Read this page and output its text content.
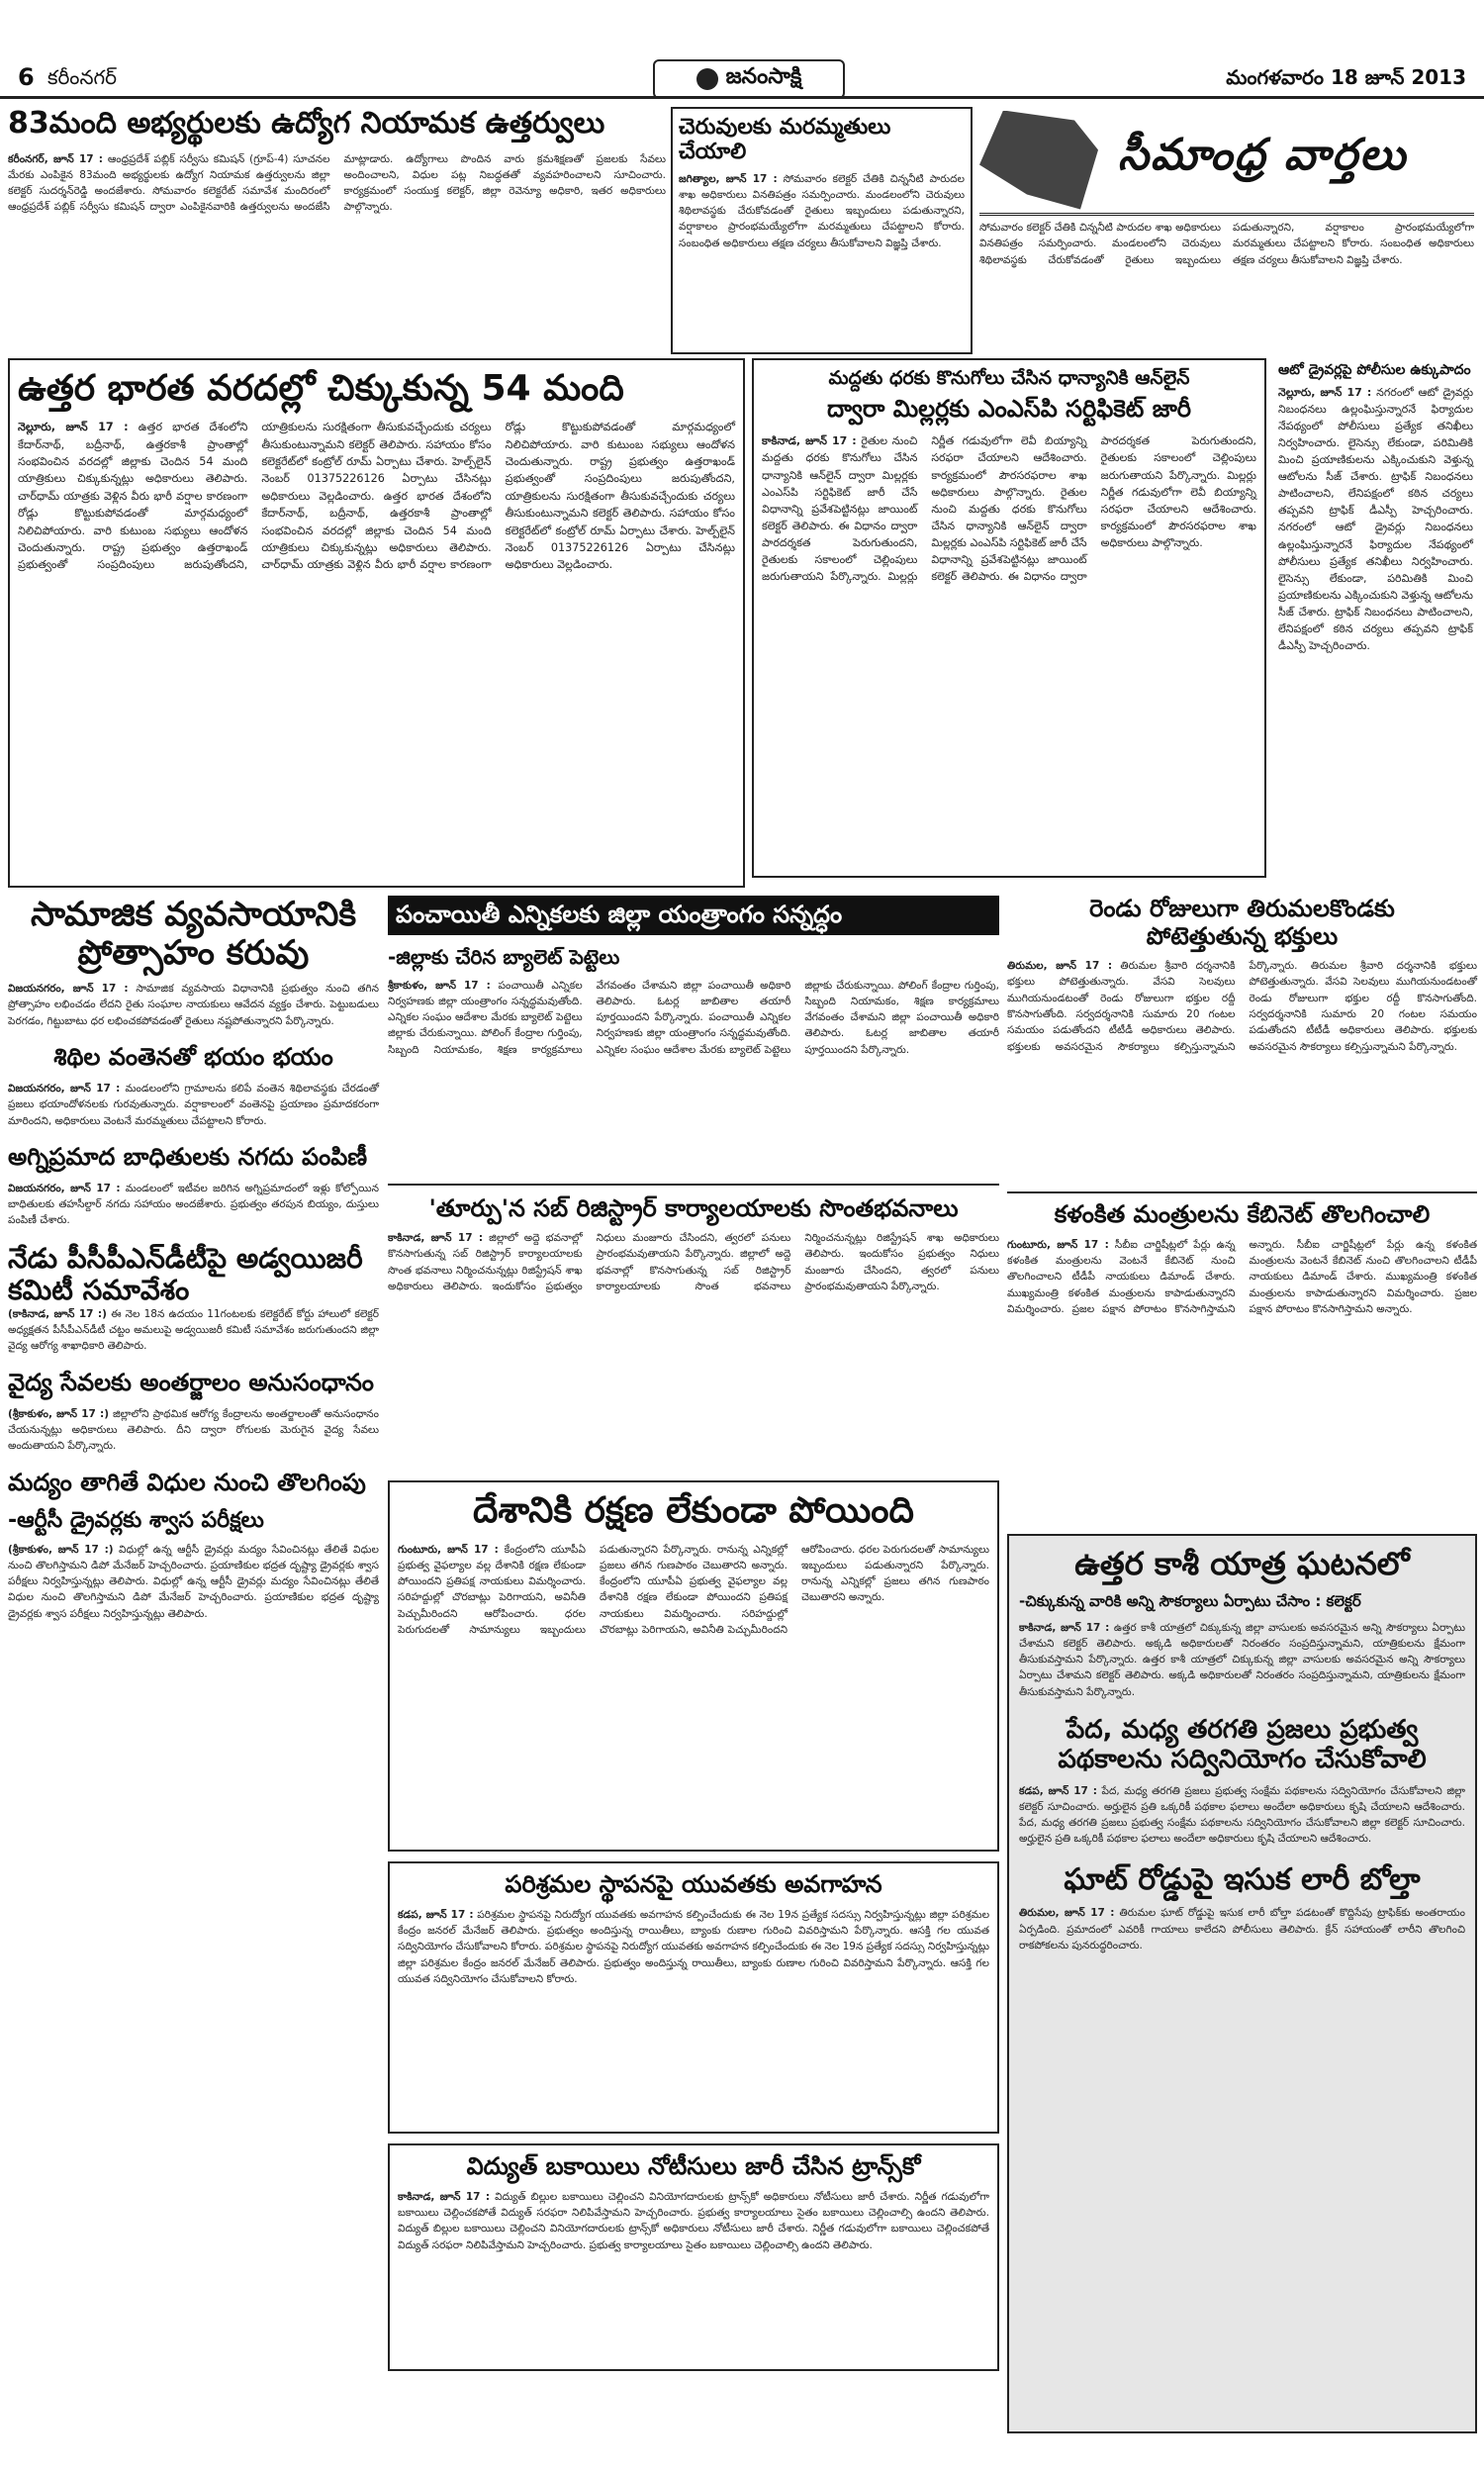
6 కరీంనగర్	జనంసాక్షి	మంగళవారం 18 జూన్ 2013
83మంది అభ్యర్థులకు ఉద్యోగ నియామక ఉత్తర్వులు
కరీంనగర్, జూన్ 17 : ఆంధ్రప్రదేశ్ పబ్లిక్ సర్వీసు కమిషన్ (గ్రూప్-4) సూచనల మేరకు ఎంపికైన 83మంది అభ్యర్థులకు ఉద్యోగ నియామక ఉత్తర్వులను జిల్లా కలెక్టర్ సుదర్శన్‌రెడ్డి అందజేశారు. సోమవారం కలెక్టరేట్ సమావేశ మందిరంలో ఆంధ్రప్రదేశ్ పబ్లిక్ సర్వీసు కమిషన్ ద్వారా ఎంపికైనవారికి ఉత్తర్వులను అందజేసి మాట్లాడారు. ఉద్యోగాలు పొందిన వారు క్రమశిక్షణతో ప్రజలకు సేవలు అందించాలని, విధుల పట్ల నిబద్ధతతో వ్యవహరించాలని సూచించారు. కార్యక్రమంలో సంయుక్త కలెక్టర్, జిల్లా రెవెన్యూ అధికారి, ఇతర అధికారులు పాల్గొన్నారు.
చెరువులకు మరమ్మతులు చేయాలి
జగిత్యాల, జూన్ 17 : సోమవారం కలెక్టర్ చేతికి చిన్ననీటి పారుదల శాఖ అధికారులు వినతిపత్రం సమర్పించారు. మండలంలోని చెరువులు శిథిలావస్థకు చేరుకోవడంతో రైతులు ఇబ్బందులు పడుతున్నారని, వర్షాకాలం ప్రారంభమయ్యేలోగా మరమ్మతులు చేపట్టాలని కోరారు. సంబంధిత అధికారులు తక్షణ చర్యలు తీసుకోవాలని విజ్ఞప్తి చేశారు.
సీమాంధ్ర వార్తలు
సోమవారం కలెక్టర్ చేతికి చిన్ననీటి పారుదల శాఖ అధికారులు వినతిపత్రం సమర్పించారు. మండలంలోని చెరువులు శిథిలావస్థకు చేరుకోవడంతో రైతులు ఇబ్బందులు పడుతున్నారని, వర్షాకాలం ప్రారంభమయ్యేలోగా మరమ్మతులు చేపట్టాలని కోరారు. సంబంధిత అధికారులు తక్షణ చర్యలు తీసుకోవాలని విజ్ఞప్తి చేశారు.
ఉత్తర భారత వరదల్లో చిక్కుకున్న 54 మంది
నెల్లూరు, జూన్ 17 : ఉత్తర భారత దేశంలోని కేదార్‌నాథ్, బద్రీనాథ్, ఉత్తరకాశీ ప్రాంతాల్లో సంభవించిన వరదల్లో జిల్లాకు చెందిన 54 మంది యాత్రికులు చిక్కుకున్నట్లు అధికారులు తెలిపారు. చార్‌ధామ్ యాత్రకు వెళ్లిన వీరు భారీ వర్షాల కారణంగా రోడ్లు కొట్టుకుపోవడంతో మార్గమధ్యంలో నిలిచిపోయారు. వారి కుటుంబ సభ్యులు ఆందోళన చెందుతున్నారు. రాష్ట్ర ప్రభుత్వం ఉత్తరాఖండ్ ప్రభుత్వంతో సంప్రదింపులు జరుపుతోందని, యాత్రికులను సురక్షితంగా తీసుకువచ్చేందుకు చర్యలు తీసుకుంటున్నామని కలెక్టర్ తెలిపారు. సహాయం కోసం కలెక్టరేట్‌లో కంట్రోల్ రూమ్ ఏర్పాటు చేశారు. హెల్ప్‌లైన్ నెంబర్ 01375226126 ఏర్పాటు చేసినట్లు అధికారులు వెల్లడించారు. ఉత్తర భారత దేశంలోని కేదార్‌నాథ్, బద్రీనాథ్, ఉత్తరకాశీ ప్రాంతాల్లో సంభవించిన వరదల్లో జిల్లాకు చెందిన 54 మంది యాత్రికులు చిక్కుకున్నట్లు అధికారులు తెలిపారు. చార్‌ధామ్ యాత్రకు వెళ్లిన వీరు భారీ వర్షాల కారణంగా రోడ్లు కొట్టుకుపోవడంతో మార్గమధ్యంలో నిలిచిపోయారు. వారి కుటుంబ సభ్యులు ఆందోళన చెందుతున్నారు. రాష్ట్ర ప్రభుత్వం ఉత్తరాఖండ్ ప్రభుత్వంతో సంప్రదింపులు జరుపుతోందని, యాత్రికులను సురక్షితంగా తీసుకువచ్చేందుకు చర్యలు తీసుకుంటున్నామని కలెక్టర్ తెలిపారు. సహాయం కోసం కలెక్టరేట్‌లో కంట్రోల్ రూమ్ ఏర్పాటు చేశారు. హెల్ప్‌లైన్ నెంబర్ 01375226126 ఏర్పాటు చేసినట్లు అధికారులు వెల్లడించారు.
మద్దతు ధరకు కొనుగోలు చేసిన ధాన్యానికి ఆన్‌లైన్
ద్వారా మిల్లర్లకు ఎంఎస్‌పి సర్టిఫికెట్ జారీ
కాకినాడ, జూన్ 17 : రైతుల నుంచి మద్దతు ధరకు కొనుగోలు చేసిన ధాన్యానికి ఆన్‌లైన్ ద్వారా మిల్లర్లకు ఎంఎస్‌పి సర్టిఫికెట్ జారీ చేసే విధానాన్ని ప్రవేశపెట్టినట్లు జాయింట్ కలెక్టర్ తెలిపారు. ఈ విధానం ద్వారా పారదర్శకత పెరుగుతుందని, రైతులకు సకాలంలో చెల్లింపులు జరుగుతాయని పేర్కొన్నారు. మిల్లర్లు నిర్ణీత గడువులోగా లెవీ బియ్యాన్ని సరఫరా చేయాలని ఆదేశించారు. కార్యక్రమంలో పౌరసరఫరాల శాఖ అధికారులు పాల్గొన్నారు. రైతుల నుంచి మద్దతు ధరకు కొనుగోలు చేసిన ధాన్యానికి ఆన్‌లైన్ ద్వారా మిల్లర్లకు ఎంఎస్‌పి సర్టిఫికెట్ జారీ చేసే విధానాన్ని ప్రవేశపెట్టినట్లు జాయింట్ కలెక్టర్ తెలిపారు. ఈ విధానం ద్వారా పారదర్శకత పెరుగుతుందని, రైతులకు సకాలంలో చెల్లింపులు జరుగుతాయని పేర్కొన్నారు. మిల్లర్లు నిర్ణీత గడువులోగా లెవీ బియ్యాన్ని సరఫరా చేయాలని ఆదేశించారు. కార్యక్రమంలో పౌరసరఫరాల శాఖ అధికారులు పాల్గొన్నారు.
ఆటో డ్రైవర్లపై పోలీసుల ఉక్కుపాదం
నెల్లూరు, జూన్ 17 : నగరంలో ఆటో డ్రైవర్లు నిబంధనలు ఉల్లంఘిస్తున్నారనే ఫిర్యాదుల నేపథ్యంలో పోలీసులు ప్రత్యేక తనిఖీలు నిర్వహించారు. లైసెన్సు లేకుండా, పరిమితికి మించి ప్రయాణికులను ఎక్కించుకుని వెళ్తున్న ఆటోలను సీజ్ చేశారు. ట్రాఫిక్ నిబంధనలు పాటించాలని, లేనిపక్షంలో కఠిన చర్యలు తప్పవని ట్రాఫిక్ డీఎస్పీ హెచ్చరించారు. నగరంలో ఆటో డ్రైవర్లు నిబంధనలు ఉల్లంఘిస్తున్నారనే ఫిర్యాదుల నేపథ్యంలో పోలీసులు ప్రత్యేక తనిఖీలు నిర్వహించారు. లైసెన్సు లేకుండా, పరిమితికి మించి ప్రయాణికులను ఎక్కించుకుని వెళ్తున్న ఆటోలను సీజ్ చేశారు. ట్రాఫిక్ నిబంధనలు పాటించాలని, లేనిపక్షంలో కఠిన చర్యలు తప్పవని ట్రాఫిక్ డీఎస్పీ హెచ్చరించారు.
సామాజిక వ్యవసాయానికి ప్రోత్సాహం కరువు
విజయనగరం, జూన్ 17 : సామాజిక వ్యవసాయ విధానానికి ప్రభుత్వం నుంచి తగిన ప్రోత్సాహం లభించడం లేదని రైతు సంఘాల నాయకులు ఆవేదన వ్యక్తం చేశారు. పెట్టుబడులు పెరగడం, గిట్టుబాటు ధర లభించకపోవడంతో రైతులు నష్టపోతున్నారని పేర్కొన్నారు.
శిథిల వంతెనతో భయం భయం
విజయనగరం, జూన్ 17 : మండలంలోని గ్రామాలను కలిపే వంతెన శిథిలావస్థకు చేరడంతో ప్రజలు భయాందోళనలకు గురవుతున్నారు. వర్షాకాలంలో వంతెనపై ప్రయాణం ప్రమాదకరంగా మారిందని, అధికారులు వెంటనే మరమ్మతులు చేపట్టాలని కోరారు.
అగ్నిప్రమాద బాధితులకు నగదు పంపిణీ
విజయనగరం, జూన్ 17 : మండలంలో ఇటీవల జరిగిన అగ్నిప్రమాదంలో ఇళ్లు కోల్పోయిన బాధితులకు తహసీల్దార్ నగదు సహాయం అందజేశారు. ప్రభుత్వం తరపున బియ్యం, దుస్తులు పంపిణీ చేశారు.
నేడు పీసీపీఎన్‌డీటీపై అడ్వయిజరీ కమిటీ సమావేశం
(కాకినాడ, జూన్ 17 :) ఈ నెల 18న ఉదయం 11గంటలకు కలెక్టరేట్ కోర్టు హాలులో కలెక్టర్ అధ్యక్షతన పీసీపీఎన్‌డీటీ చట్టం అమలుపై అడ్వయిజరీ కమిటీ సమావేశం జరుగుతుందని జిల్లా వైద్య ఆరోగ్య శాఖాధికారి తెలిపారు.
వైద్య సేవలకు అంతర్జాలం అనుసంధానం
(శ్రీకాకుళం, జూన్ 17 :) జిల్లాలోని ప్రాథమిక ఆరోగ్య కేంద్రాలను అంతర్జాలంతో అనుసంధానం చేయనున్నట్లు అధికారులు తెలిపారు. దీని ద్వారా రోగులకు మెరుగైన వైద్య సేవలు అందుతాయని పేర్కొన్నారు.
మద్యం తాగితే విధుల నుంచి తొలగింపు
-ఆర్టీసీ డ్రైవర్లకు శ్వాస పరీక్షలు
(శ్రీకాకుళం, జూన్ 17 :) విధుల్లో ఉన్న ఆర్టీసీ డ్రైవర్లు మద్యం సేవించినట్లు తేలితే విధుల నుంచి తొలగిస్తామని డిపో మేనేజర్ హెచ్చరించారు. ప్రయాణికుల భద్రత దృష్ట్యా డ్రైవర్లకు శ్వాస పరీక్షలు నిర్వహిస్తున్నట్లు తెలిపారు. విధుల్లో ఉన్న ఆర్టీసీ డ్రైవర్లు మద్యం సేవించినట్లు తేలితే విధుల నుంచి తొలగిస్తామని డిపో మేనేజర్ హెచ్చరించారు. ప్రయాణికుల భద్రత దృష్ట్యా డ్రైవర్లకు శ్వాస పరీక్షలు నిర్వహిస్తున్నట్లు తెలిపారు.
పంచాయితీ ఎన్నికలకు జిల్లా యంత్రాంగం సన్నద్ధం
-జిల్లాకు చేరిన బ్యాలెట్ పెట్టెలు
శ్రీకాకుళం, జూన్ 17 : పంచాయితీ ఎన్నికల నిర్వహణకు జిల్లా యంత్రాంగం సన్నద్ధమవుతోంది. ఎన్నికల సంఘం ఆదేశాల మేరకు బ్యాలెట్ పెట్టెలు జిల్లాకు చేరుకున్నాయి. పోలింగ్ కేంద్రాల గుర్తింపు, సిబ్బంది నియామకం, శిక్షణ కార్యక్రమాలు వేగవంతం చేశామని జిల్లా పంచాయితీ అధికారి తెలిపారు. ఓటర్ల జాబితాల తయారీ పూర్తయిందని పేర్కొన్నారు. పంచాయితీ ఎన్నికల నిర్వహణకు జిల్లా యంత్రాంగం సన్నద్ధమవుతోంది. ఎన్నికల సంఘం ఆదేశాల మేరకు బ్యాలెట్ పెట్టెలు జిల్లాకు చేరుకున్నాయి. పోలింగ్ కేంద్రాల గుర్తింపు, సిబ్బంది నియామకం, శిక్షణ కార్యక్రమాలు వేగవంతం చేశామని జిల్లా పంచాయితీ అధికారి తెలిపారు. ఓటర్ల జాబితాల తయారీ పూర్తయిందని పేర్కొన్నారు.
'తూర్పు'న సబ్ రిజిస్ట్రార్ కార్యాలయాలకు సొంతభవనాలు
కాకినాడ, జూన్ 17 : జిల్లాలో అద్దె భవనాల్లో కొనసాగుతున్న సబ్ రిజిస్ట్రార్ కార్యాలయాలకు సొంత భవనాలు నిర్మించనున్నట్లు రిజిస్ట్రేషన్ శాఖ అధికారులు తెలిపారు. ఇందుకోసం ప్రభుత్వం నిధులు మంజూరు చేసిందని, త్వరలో పనులు ప్రారంభమవుతాయని పేర్కొన్నారు. జిల్లాలో అద్దె భవనాల్లో కొనసాగుతున్న సబ్ రిజిస్ట్రార్ కార్యాలయాలకు సొంత భవనాలు నిర్మించనున్నట్లు రిజిస్ట్రేషన్ శాఖ అధికారులు తెలిపారు. ఇందుకోసం ప్రభుత్వం నిధులు మంజూరు చేసిందని, త్వరలో పనులు ప్రారంభమవుతాయని పేర్కొన్నారు.
దేశానికి రక్షణ లేకుండా పోయింది
గుంటూరు, జూన్ 17 : కేంద్రంలోని యూపీఏ ప్రభుత్వ వైఫల్యాల వల్ల దేశానికి రక్షణ లేకుండా పోయిందని ప్రతిపక్ష నాయకులు విమర్శించారు. సరిహద్దుల్లో చొరబాట్లు పెరిగాయని, అవినీతి పెచ్చుమీరిందని ఆరోపించారు. ధరల పెరుగుదలతో సామాన్యులు ఇబ్బందులు పడుతున్నారని పేర్కొన్నారు. రానున్న ఎన్నికల్లో ప్రజలు తగిన గుణపాఠం చెబుతారని అన్నారు. కేంద్రంలోని యూపీఏ ప్రభుత్వ వైఫల్యాల వల్ల దేశానికి రక్షణ లేకుండా పోయిందని ప్రతిపక్ష నాయకులు విమర్శించారు. సరిహద్దుల్లో చొరబాట్లు పెరిగాయని, అవినీతి పెచ్చుమీరిందని ఆరోపించారు. ధరల పెరుగుదలతో సామాన్యులు ఇబ్బందులు పడుతున్నారని పేర్కొన్నారు. రానున్న ఎన్నికల్లో ప్రజలు తగిన గుణపాఠం చెబుతారని అన్నారు.
పరిశ్రమల స్థాపనపై యువతకు అవగాహన
కడప, జూన్ 17 : పరిశ్రమల స్థాపనపై నిరుద్యోగ యువతకు అవగాహన కల్పించేందుకు ఈ నెల 19న ప్రత్యేక సదస్సు నిర్వహిస్తున్నట్లు జిల్లా పరిశ్రమల కేంద్రం జనరల్ మేనేజర్ తెలిపారు. ప్రభుత్వం అందిస్తున్న రాయితీలు, బ్యాంకు రుణాల గురించి వివరిస్తామని పేర్కొన్నారు. ఆసక్తి గల యువత సద్వినియోగం చేసుకోవాలని కోరారు. పరిశ్రమల స్థాపనపై నిరుద్యోగ యువతకు అవగాహన కల్పించేందుకు ఈ నెల 19న ప్రత్యేక సదస్సు నిర్వహిస్తున్నట్లు జిల్లా పరిశ్రమల కేంద్రం జనరల్ మేనేజర్ తెలిపారు. ప్రభుత్వం అందిస్తున్న రాయితీలు, బ్యాంకు రుణాల గురించి వివరిస్తామని పేర్కొన్నారు. ఆసక్తి గల యువత సద్వినియోగం చేసుకోవాలని కోరారు.
విద్యుత్ బకాయిలు నోటీసులు జారీ చేసిన ట్రాన్స్‌కో
కాకినాడ, జూన్ 17 : విద్యుత్ బిల్లుల బకాయిలు చెల్లించని వినియోగదారులకు ట్రాన్స్‌కో అధికారులు నోటీసులు జారీ చేశారు. నిర్ణీత గడువులోగా బకాయిలు చెల్లించకపోతే విద్యుత్ సరఫరా నిలిపివేస్తామని హెచ్చరించారు. ప్రభుత్వ కార్యాలయాలు సైతం బకాయిలు చెల్లించాల్సి ఉందని తెలిపారు. విద్యుత్ బిల్లుల బకాయిలు చెల్లించని వినియోగదారులకు ట్రాన్స్‌కో అధికారులు నోటీసులు జారీ చేశారు. నిర్ణీత గడువులోగా బకాయిలు చెల్లించకపోతే విద్యుత్ సరఫరా నిలిపివేస్తామని హెచ్చరించారు. ప్రభుత్వ కార్యాలయాలు సైతం బకాయిలు చెల్లించాల్సి ఉందని తెలిపారు.
రెండు రోజులుగా తిరుమలకొండకు
పోటెత్తుతున్న భక్తులు
తిరుమల, జూన్ 17 : తిరుమల శ్రీవారి దర్శనానికి భక్తులు పోటెత్తుతున్నారు. వేసవి సెలవులు ముగియనుండటంతో రెండు రోజులుగా భక్తుల రద్దీ కొనసాగుతోంది. సర్వదర్శనానికి సుమారు 20 గంటల సమయం పడుతోందని టీటీడీ అధికారులు తెలిపారు. భక్తులకు అవసరమైన సౌకర్యాలు కల్పిస్తున్నామని పేర్కొన్నారు. తిరుమల శ్రీవారి దర్శనానికి భక్తులు పోటెత్తుతున్నారు. వేసవి సెలవులు ముగియనుండటంతో రెండు రోజులుగా భక్తుల రద్దీ కొనసాగుతోంది. సర్వదర్శనానికి సుమారు 20 గంటల సమయం పడుతోందని టీటీడీ అధికారులు తెలిపారు. భక్తులకు అవసరమైన సౌకర్యాలు కల్పిస్తున్నామని పేర్కొన్నారు.
కళంకిత మంత్రులను కేబినెట్ తొలగించాలి
గుంటూరు, జూన్ 17 : సీబీఐ చార్జిషీట్లలో పేర్లు ఉన్న కళంకిత మంత్రులను వెంటనే కేబినెట్ నుంచి తొలగించాలని టీడీపీ నాయకులు డిమాండ్ చేశారు. ముఖ్యమంత్రి కళంకిత మంత్రులను కాపాడుతున్నారని విమర్శించారు. ప్రజల పక్షాన పోరాటం కొనసాగిస్తామని అన్నారు. సీబీఐ చార్జిషీట్లలో పేర్లు ఉన్న కళంకిత మంత్రులను వెంటనే కేబినెట్ నుంచి తొలగించాలని టీడీపీ నాయకులు డిమాండ్ చేశారు. ముఖ్యమంత్రి కళంకిత మంత్రులను కాపాడుతున్నారని విమర్శించారు. ప్రజల పక్షాన పోరాటం కొనసాగిస్తామని అన్నారు.
ఉత్తర కాశీ యాత్ర ఘటనలో
-చిక్కుకున్న వారికి అన్ని సౌకర్యాలు ఏర్పాటు చేసాం : కలెక్టర్
కాకినాడ, జూన్ 17 : ఉత్తర కాశీ యాత్రలో చిక్కుకున్న జిల్లా వాసులకు అవసరమైన అన్ని సౌకర్యాలు ఏర్పాటు చేశామని కలెక్టర్ తెలిపారు. అక్కడి అధికారులతో నిరంతరం సంప్రదిస్తున్నామని, యాత్రికులను క్షేమంగా తీసుకువస్తామని పేర్కొన్నారు. ఉత్తర కాశీ యాత్రలో చిక్కుకున్న జిల్లా వాసులకు అవసరమైన అన్ని సౌకర్యాలు ఏర్పాటు చేశామని కలెక్టర్ తెలిపారు. అక్కడి అధికారులతో నిరంతరం సంప్రదిస్తున్నామని, యాత్రికులను క్షేమంగా తీసుకువస్తామని పేర్కొన్నారు.
పేద, మధ్య తరగతి ప్రజలు ప్రభుత్వ
పథకాలను సద్వినియోగం చేసుకోవాలి
కడప, జూన్ 17 : పేద, మధ్య తరగతి ప్రజలు ప్రభుత్వ సంక్షేమ పథకాలను సద్వినియోగం చేసుకోవాలని జిల్లా కలెక్టర్ సూచించారు. అర్హులైన ప్రతి ఒక్కరికీ పథకాల ఫలాలు అందేలా అధికారులు కృషి చేయాలని ఆదేశించారు. పేద, మధ్య తరగతి ప్రజలు ప్రభుత్వ సంక్షేమ పథకాలను సద్వినియోగం చేసుకోవాలని జిల్లా కలెక్టర్ సూచించారు. అర్హులైన ప్రతి ఒక్కరికీ పథకాల ఫలాలు అందేలా అధికారులు కృషి చేయాలని ఆదేశించారు.
ఘాట్ రోడ్డుపై ఇసుక లారీ బోల్తా
తిరుమల, జూన్ 17 : తిరుమల ఘాట్ రోడ్డుపై ఇసుక లారీ బోల్తా పడటంతో కొద్దిసేపు ట్రాఫిక్‌కు అంతరాయం ఏర్పడింది. ప్రమాదంలో ఎవరికీ గాయాలు కాలేదని పోలీసులు తెలిపారు. క్రేన్ సహాయంతో లారీని తొలగించి రాకపోకలను పునరుద్ధరించారు.
